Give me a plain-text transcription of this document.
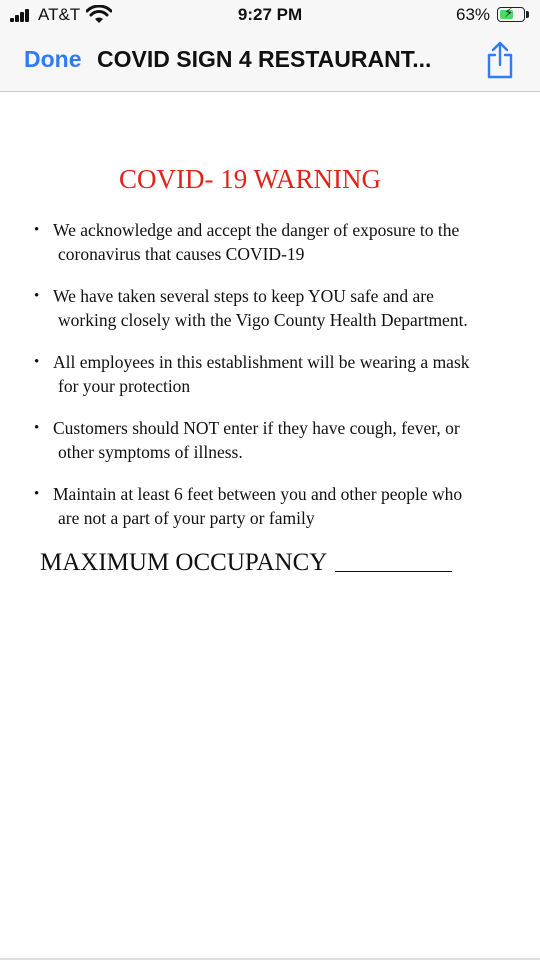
AT&T	9:27 PM	63% ⚡
Done COVID SIGN 4 RESTAURANT...
COVID- 19 WARNING
• We acknowledge and accept the danger of exposure to the
coronavirus that causes COVID-19
• We have taken several steps to keep YOU safe and are
working closely with the Vigo County Health Department.
• All employees in this establishment will be wearing a mask
for your protection
• Customers should NOT enter if they have cough, fever, or
other symptoms of illness.
• Maintain at least 6 feet between you and other people who
are not a part of your party or family
MAXIMUM OCCUPANCY
